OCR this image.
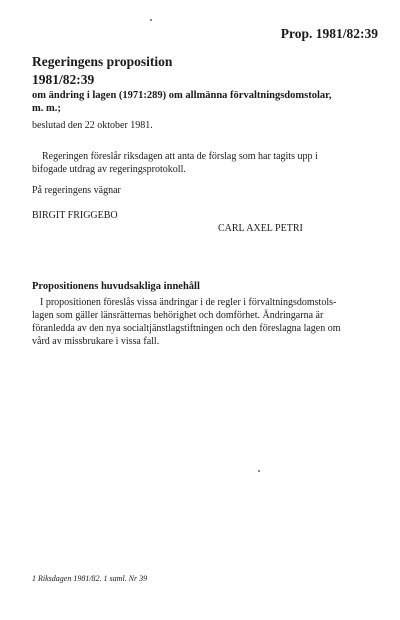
Prop. 1981/82:39

Regeringens proposition

1981/82:39

om ändring i lagen (1971:289) om allmänna förvaltningsdomstolar,
m. m.;

beslutad den 22 oktober 1981.

Regeringen föreslår riksdagen att anta de förslag som har tagits upp i
bifogade utdrag av regeringsprotokoll.

På regeringens vägnar

BIRGIT FRIGGEBO

CARL AXEL PETRI

Propositionens huvudsakliga innehåll

I propositionen föreslås vissa ändringar i de regler i förvaltningsdomstols-
lagen som gäller länsrätternas behörighet och domförhet. Ändringarna är
föranledda av den nya socialtjänstlagstiftningen och den föreslagna lagen om
vård av missbrukare i vissa fall.

1 Riksdagen 1981/82. 1 saml. Nr 39
